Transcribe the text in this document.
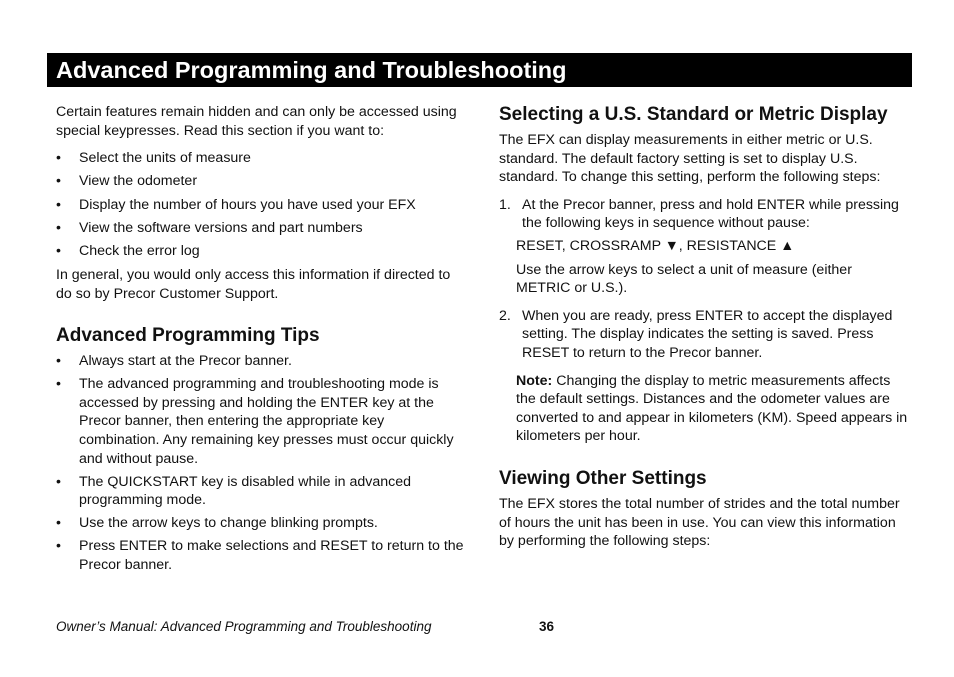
Advanced Programming and Troubleshooting

Certain features remain hidden and can only be accessed using special keypresses. Read this section if you want to:

• Select the units of measure
• View the odometer
• Display the number of hours you have used your EFX
• View the software versions and part numbers
• Check the error log

In general, you would only access this information if directed to do so by Precor Customer Support.

Advanced Programming Tips
• Always start at the Precor banner.
• The advanced programming and troubleshooting mode is accessed by pressing and holding the ENTER key at the Precor banner, then entering the appropriate key combination. Any remaining key presses must occur quickly and without pause.
• The QUICKSTART key is disabled while in advanced programming mode.
• Use the arrow keys to change blinking prompts.
• Press ENTER to make selections and RESET to return to the Precor banner.
Selecting a U.S. Standard or Metric Display

The EFX can display measurements in either metric or U.S. standard. The default factory setting is set to display U.S. standard. To change this setting, perform the following steps:

1. At the Precor banner, press and hold ENTER while pressing the following keys in sequence without pause:

RESET, CROSSRAMP ▼, RESISTANCE ▲

Use the arrow keys to select a unit of measure (either METRIC or U.S.).

2. When you are ready, press ENTER to accept the displayed setting. The display indicates the setting is saved. Press RESET to return to the Precor banner.

Note: Changing the display to metric measurements affects the default settings. Distances and the odometer values are converted to and appear in kilometers (KM). Speed appears in kilometers per hour.

Viewing Other Settings

The EFX stores the total number of strides and the total number of hours the unit has been in use. You can view this information by performing the following steps:

Owner’s Manual: Advanced Programming and Troubleshooting	36
